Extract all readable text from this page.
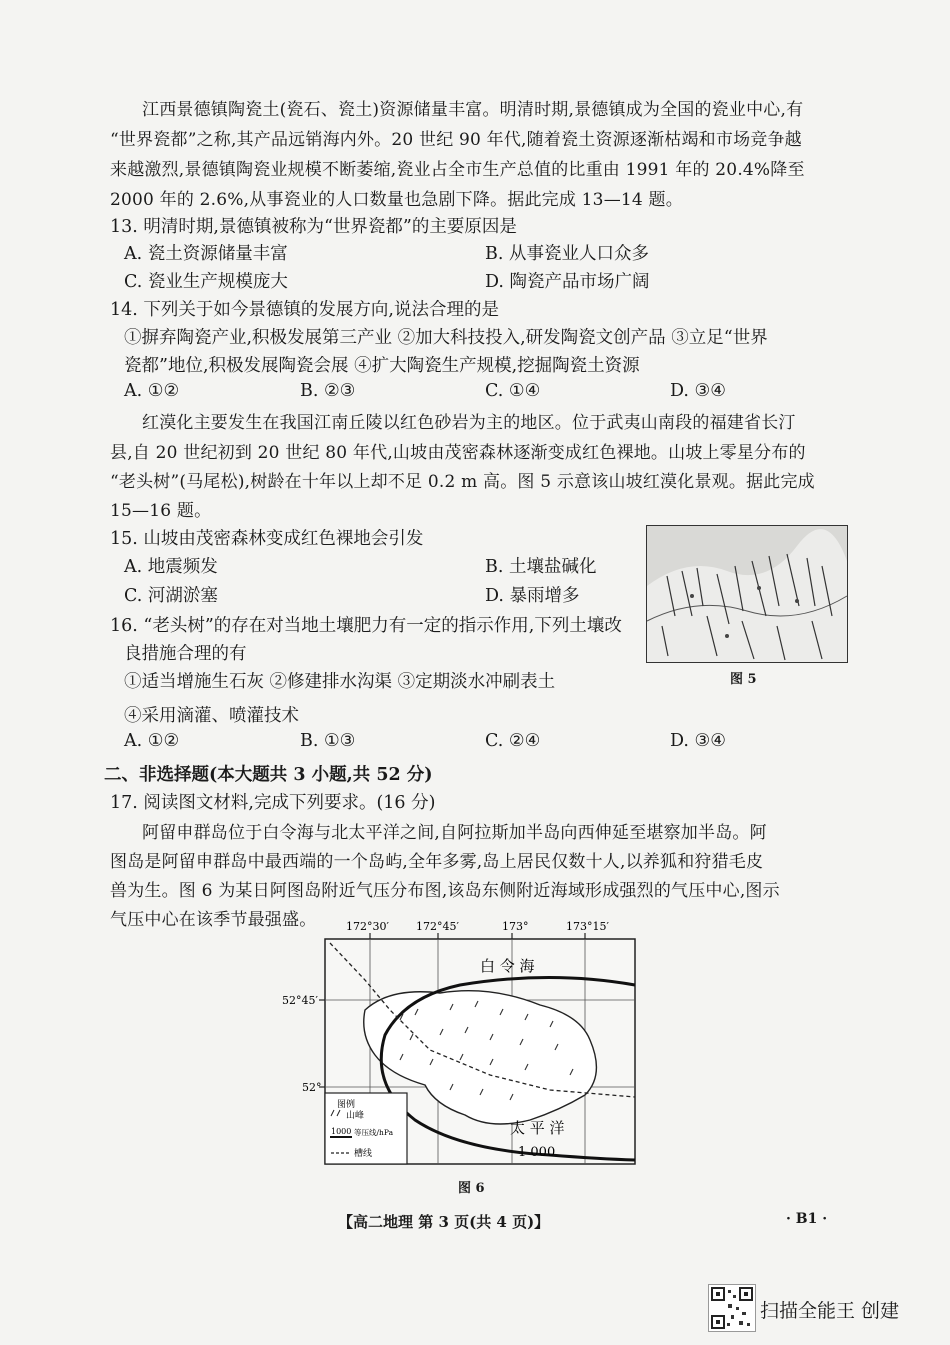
江西景德镇陶瓷土(瓷石、瓷土)资源储量丰富。明清时期,景德镇成为全国的瓷业中心,有
“世界瓷都”之称,其产品远销海内外。20 世纪 90 年代,随着瓷土资源逐渐枯竭和市场竞争越
来越激烈,景德镇陶瓷业规模不断萎缩,瓷业占全市生产总值的比重由 1991 年的 20.4%降至
2000 年的 2.6%,从事瓷业的人口数量也急剧下降。据此完成 13—14 题。
13. 明清时期,景德镇被称为“世界瓷都”的主要原因是
A. 瓷土资源储量丰富	B. 从事瓷业人口众多
C. 瓷业生产规模庞大	D. 陶瓷产品市场广阔
14. 下列关于如今景德镇的发展方向,说法合理的是
①摒弃陶瓷产业,积极发展第三产业 ②加大科技投入,研发陶瓷文创产品 ③立足“世界
瓷都”地位,积极发展陶瓷会展 ④扩大陶瓷生产规模,挖掘陶瓷土资源
A. ①②	B. ②③	C. ①④	D. ③④
红漠化主要发生在我国江南丘陵以红色砂岩为主的地区。位于武夷山南段的福建省长汀
县,自 20 世纪初到 20 世纪 80 年代,山坡由茂密森林逐渐变成红色裸地。山坡上零星分布的
“老头树”(马尾松),树龄在十年以上却不足 0.2 m 高。图 5 示意该山坡红漠化景观。据此完成
15—16 题。
15. 山坡由茂密森林变成红色裸地会引发
A. 地震频发	B. 土壤盐碱化
C. 河湖淤塞	D. 暴雨增多
图 5
16. “老头树”的存在对当地土壤肥力有一定的指示作用,下列土壤改
良措施合理的有
①适当增施生石灰 ②修建排水沟渠 ③定期淡水冲刷表土
④采用滴灌、喷灌技术
A. ①②	B. ①③	C. ②④	D. ③④
二、非选择题(本大题共 3 小题,共 52 分)
17. 阅读图文材料,完成下列要求。(16 分)
阿留申群岛位于白令海与北太平洋之间,自阿拉斯加半岛向西伸延至堪察加半岛。阿
图岛是阿留申群岛中最西端的一个岛屿,全年多雾,岛上居民仅数十人,以养狐和狩猎毛皮
兽为生。图 6 为某日阿图岛附近气压分布图,该岛东侧附近海域形成强烈的气压中心,图示
气压中心在该季节最强盛。	172°30′ 172°45′	173°	173°15′
52°45′
52°
白 令 海
太 平 洋
1 000
图例
山峰
1000 等压线/hPa
槽线
图 6
【高二地理 第 3 页(共 4 页)】	· B1 ·
扫描全能王 创建
